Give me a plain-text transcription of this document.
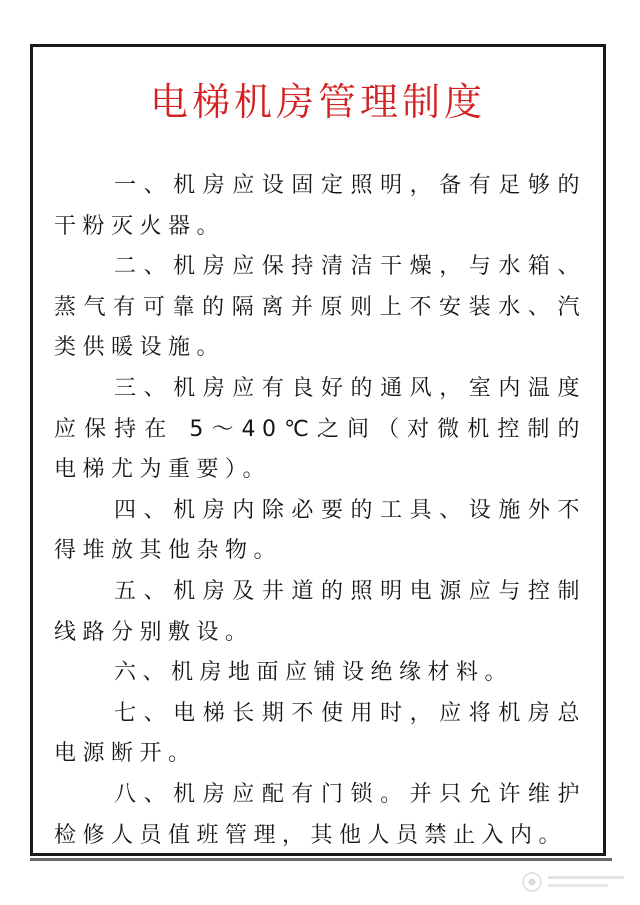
电梯机房管理制度

一、机房应设固定照明，备有足够的干粉灭火器。

二、机房应保持清洁干燥，与水箱、蒸气有可靠的隔离并原则上不安装水、汽类供暖设施。

三、机房应有良好的通风，室内温度应保持在 5～40℃之间（对微机控制的电梯尤为重要）。

四、机房内除必要的工具、设施外不得堆放其他杂物。

五、机房及井道的照明电源应与控制线路分别敷设。

六、机房地面应铺设绝缘材料。

七、电梯长期不使用时，应将机房总电源断开。

八、机房应配有门锁。并只允许维护检修人员值班管理，其他人员禁止入内。
